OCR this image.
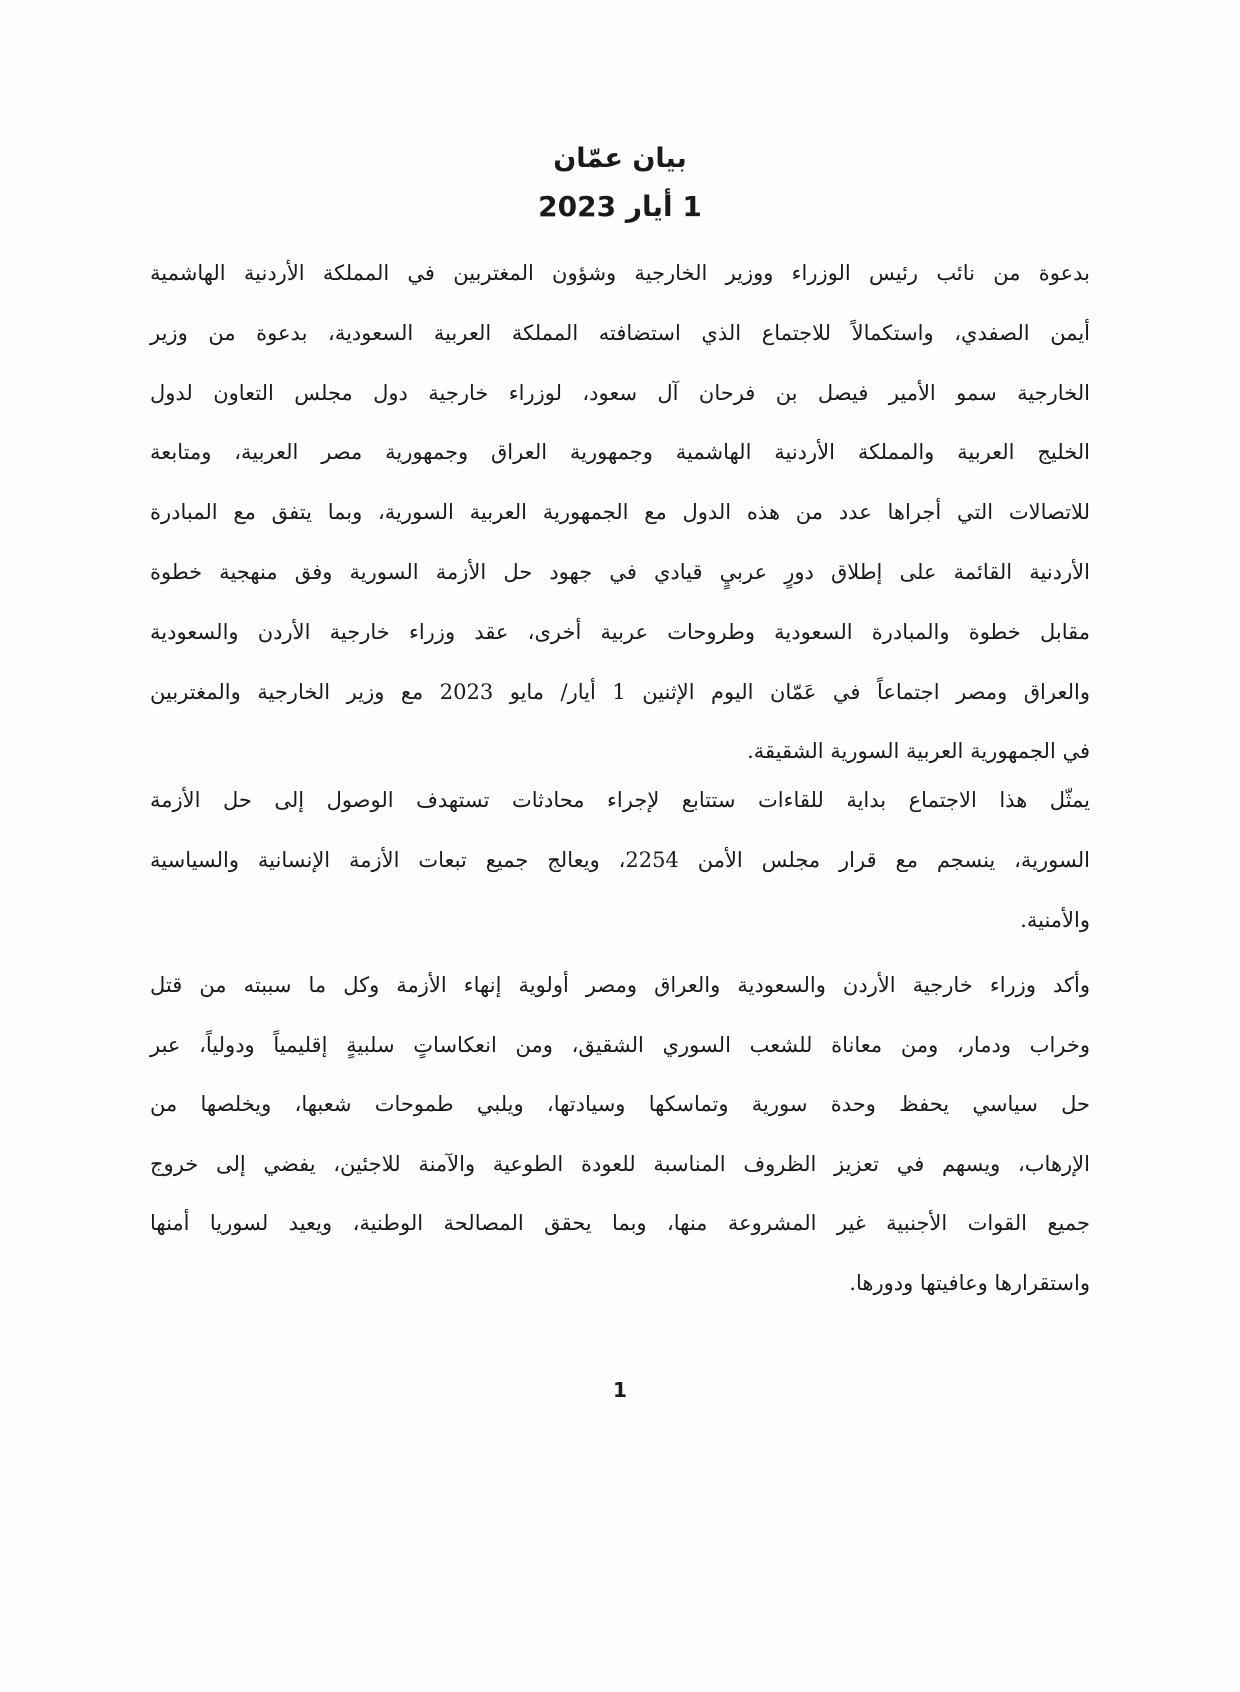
بيان عمّان
1 أيار 2023
بدعوة من نائب رئيس الوزراء ووزير الخارجية وشؤون المغتربين في المملكة الأردنية الهاشمية
أيمن الصفدي، واستكمالاً للاجتماع الذي استضافته المملكة العربية السعودية، بدعوة من وزير
الخارجية سمو الأمير فيصل بن فرحان آل سعود، لوزراء خارجية دول مجلس التعاون لدول
الخليج العربية والمملكة الأردنية الهاشمية وجمهورية العراق وجمهورية مصر العربية، ومتابعة
للاتصالات التي أجراها عدد من هذه الدول مع الجمهورية العربية السورية، وبما يتفق مع المبادرة
الأردنية القائمة على إطلاق دورٍ عربيٍ قيادي في جهود حل الأزمة السورية وفق منهجية خطوة
مقابل خطوة والمبادرة السعودية وطروحات عربية أخرى، عقد وزراء خارجية الأردن والسعودية
والعراق ومصر اجتماعاً في عَمّان اليوم الإثنين 1 أيار/ مايو 2023 مع وزير الخارجية والمغتربين
في الجمهورية العربية السورية الشقيقة.
يمثّل هذا الاجتماع بداية للقاءات ستتابع لإجراء محادثات تستهدف الوصول إلى حل الأزمة
السورية، ينسجم مع قرار مجلس الأمن 2254، ويعالج جميع تبعات الأزمة الإنسانية والسياسية
والأمنية.
وأكد وزراء خارجية الأردن والسعودية والعراق ومصر أولوية إنهاء الأزمة وكل ما سببته من قتل
وخراب ودمار، ومن معاناة للشعب السوري الشقيق، ومن انعكاساتٍ سلبيةٍ إقليمياً ودولياً، عبر
حل سياسي يحفظ وحدة سورية وتماسكها وسيادتها، ويلبي طموحات شعبها، ويخلصها من
الإرهاب، ويسهم في تعزيز الظروف المناسبة للعودة الطوعية والآمنة للاجئين، يفضي إلى خروج
جميع القوات الأجنبية غير المشروعة منها، وبما يحقق المصالحة الوطنية، ويعيد لسوريا أمنها
واستقرارها وعافيتها ودورها.
1
